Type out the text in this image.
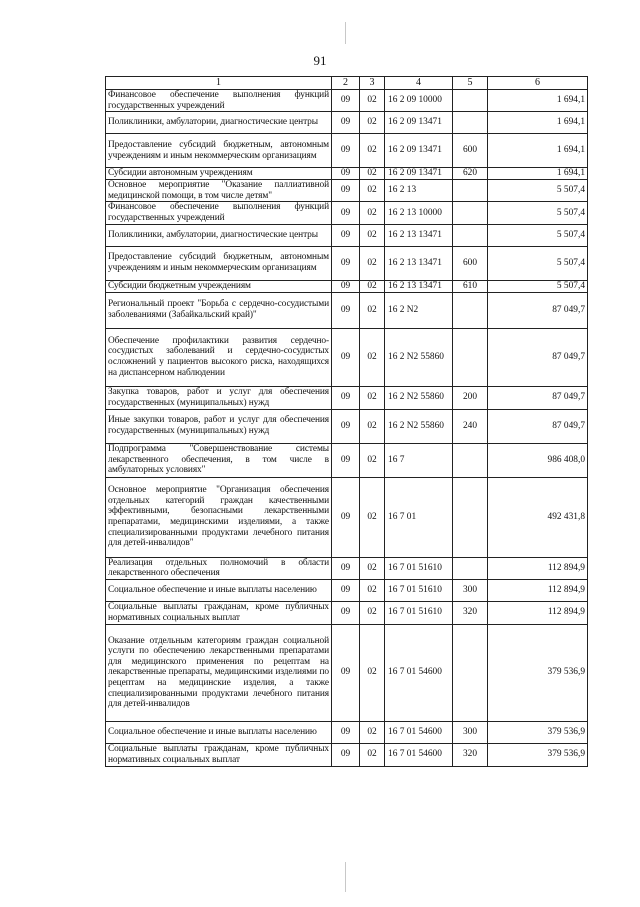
91
1	2	3	4	5	6
Финансовое обеспечение выполнения функций государственных учреждений	09	02	16 2 09 10000		1 694,1
Поликлиники, амбулатории, диагностические центры	09	02	16 2 09 13471		1 694,1
Предоставление субсидий бюджетным, автономным учреждениям и иным некоммерческим организациям	09	02	16 2 09 13471	600	1 694,1
Субсидии автономным учреждениям	09	02	16 2 09 13471	620	1 694,1
Основное мероприятие "Оказание паллиативной медицинской помощи, в том числе детям"	09	02	16 2 13		5 507,4
Финансовое обеспечение выполнения функций государственных учреждений	09	02	16 2 13 10000		5 507,4
Поликлиники, амбулатории, диагностические центры	09	02	16 2 13 13471		5 507,4
Предоставление субсидий бюджетным, автономным учреждениям и иным некоммерческим организациям	09	02	16 2 13 13471	600	5 507,4
Субсидии бюджетным учреждениям	09	02	16 2 13 13471	610	5 507,4
Региональный проект "Борьба с сердечно-сосудистыми заболеваниями (Забайкальский край)"	09	02	16 2 N2		87 049,7
Обеспечение профилактики развития сердечно-сосудистых заболеваний и сердечно-сосудистых осложнений у пациентов высокого риска, находящихся на диспансерном наблюдении	09	02	16 2 N2 55860		87 049,7
Закупка товаров, работ и услуг для обеспечения государственных (муниципальных) нужд	09	02	16 2 N2 55860	200	87 049,7
Иные закупки товаров, работ и услуг для обеспечения государственных (муниципальных) нужд	09	02	16 2 N2 55860	240	87 049,7
Подпрограмма "Совершенствование системы лекарственного обеспечения, в том числе в амбулаторных условиях"	09	02	16 7		986 408,0
Основное мероприятие "Организация обеспечения отдельных категорий граждан качественными эффективными, безопасными лекарственными препаратами, медицинскими изделиями, а также специализированными продуктами лечебного питания для детей-инвалидов"	09	02	16 7 01		492 431,8
Реализация отдельных полномочий в области лекарственного обеспечения	09	02	16 7 01 51610		112 894,9
Социальное обеспечение и иные выплаты населению	09	02	16 7 01 51610	300	112 894,9
Социальные выплаты гражданам, кроме публичных нормативных социальных выплат	09	02	16 7 01 51610	320	112 894,9
Оказание отдельным категориям граждан социальной услуги по обеспечению лекарственными препаратами для медицинского применения по рецептам на лекарственные препараты, медицинскими изделиями по рецептам на медицинские изделия, а также специализированными продуктами лечебного питания для детей-инвалидов	09	02	16 7 01 54600		379 536,9
Социальное обеспечение и иные выплаты населению	09	02	16 7 01 54600	300	379 536,9
Социальные выплаты гражданам, кроме публичных нормативных социальных выплат	09	02	16 7 01 54600	320	379 536,9
